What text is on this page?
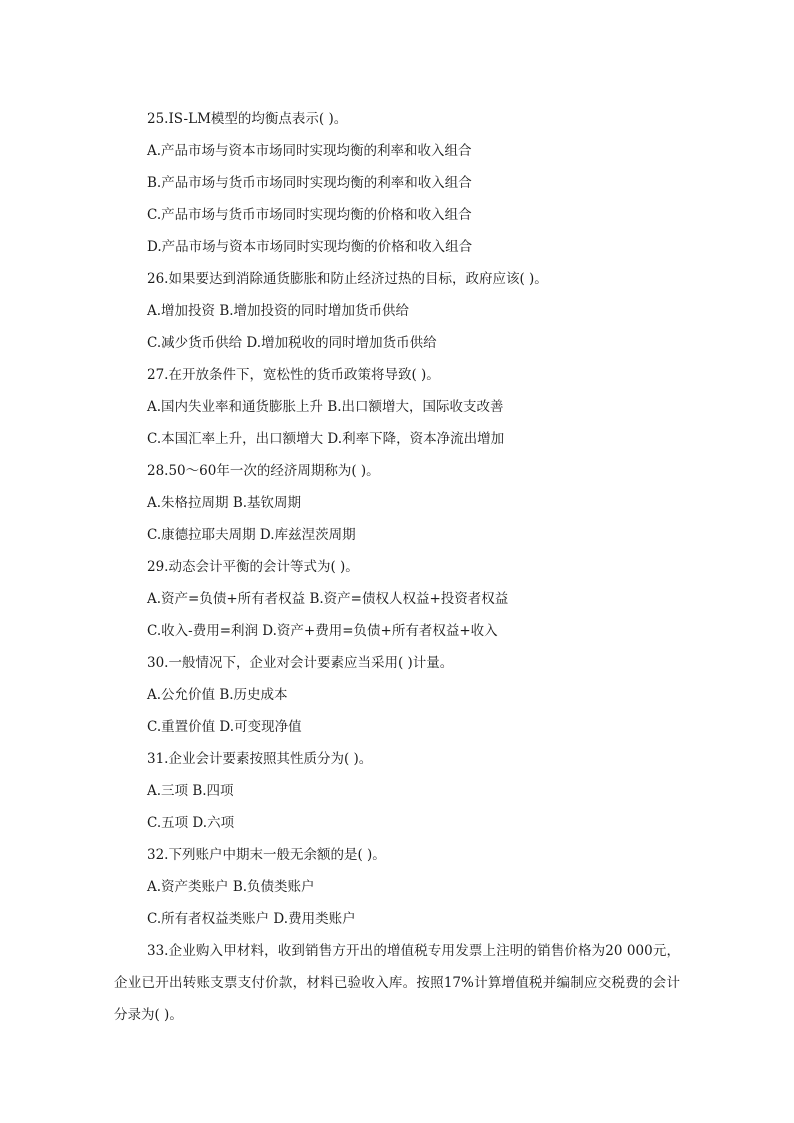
25.IS-LM模型的均衡点表示( )。
A.产品市场与资本市场同时实现均衡的利率和收入组合
B.产品市场与货币市场同时实现均衡的利率和收入组合
C.产品市场与货币市场同时实现均衡的价格和收入组合
D.产品市场与资本市场同时实现均衡的价格和收入组合
26.如果要达到消除通货膨胀和防止经济过热的目标，政府应该( )。
A.增加投资 B.增加投资的同时增加货币供给
C.减少货币供给 D.增加税收的同时增加货币供给
27.在开放条件下，宽松性的货币政策将导致( )。
A.国内失业率和通货膨胀上升 B.出口额增大，国际收支改善
C.本国汇率上升，出口额增大 D.利率下降，资本净流出增加
28.50～60年一次的经济周期称为( )。
A.朱格拉周期 B.基钦周期
C.康德拉耶夫周期 D.库兹涅茨周期
29.动态会计平衡的会计等式为( )。
A.资产=负债+所有者权益 B.资产=债权人权益+投资者权益
C.收入-费用=利润 D.资产+费用=负债+所有者权益+收入
30.一般情况下，企业对会计要素应当采用( )计量。
A.公允价值 B.历史成本
C.重置价值 D.可变现净值
31.企业会计要素按照其性质分为( )。
A.三项 B.四项
C.五项 D.六项
32.下列账户中期末一般无余额的是( )。
A.资产类账户 B.负债类账户
C.所有者权益类账户 D.费用类账户
33.企业购入甲材料，收到销售方开出的增值税专用发票上注明的销售价格为20 000元，企业已开出转账支票支付价款，材料已验收入库。按照17%计算增值税并编制应交税费的会计分录为( )。
